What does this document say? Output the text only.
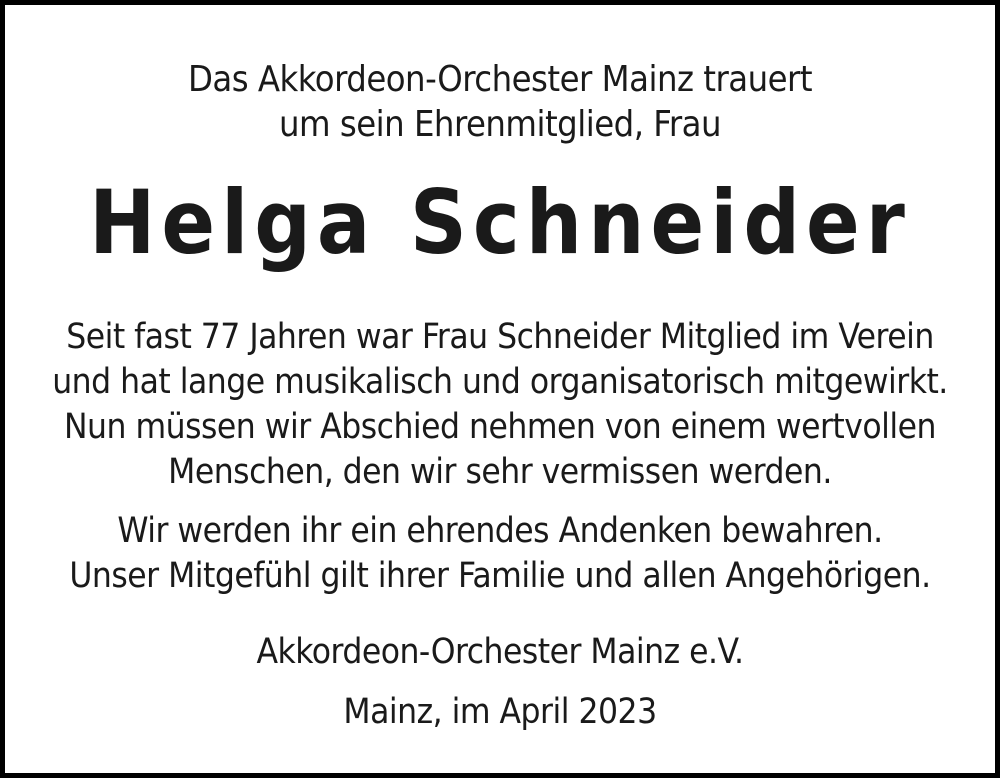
Das Akkordeon-Orchester Mainz trauert
um sein Ehrenmitglied, Frau
Helga Schneider
Seit fast 77 Jahren war Frau Schneider Mitglied im Verein
und hat lange musikalisch und organisatorisch mitgewirkt.
Nun müssen wir Abschied nehmen von einem wertvollen
Menschen, den wir sehr vermissen werden.
Wir werden ihr ein ehrendes Andenken bewahren.
Unser Mitgefühl gilt ihrer Familie und allen Angehörigen.
Akkordeon-Orchester Mainz e.V.
Mainz, im April 2023
